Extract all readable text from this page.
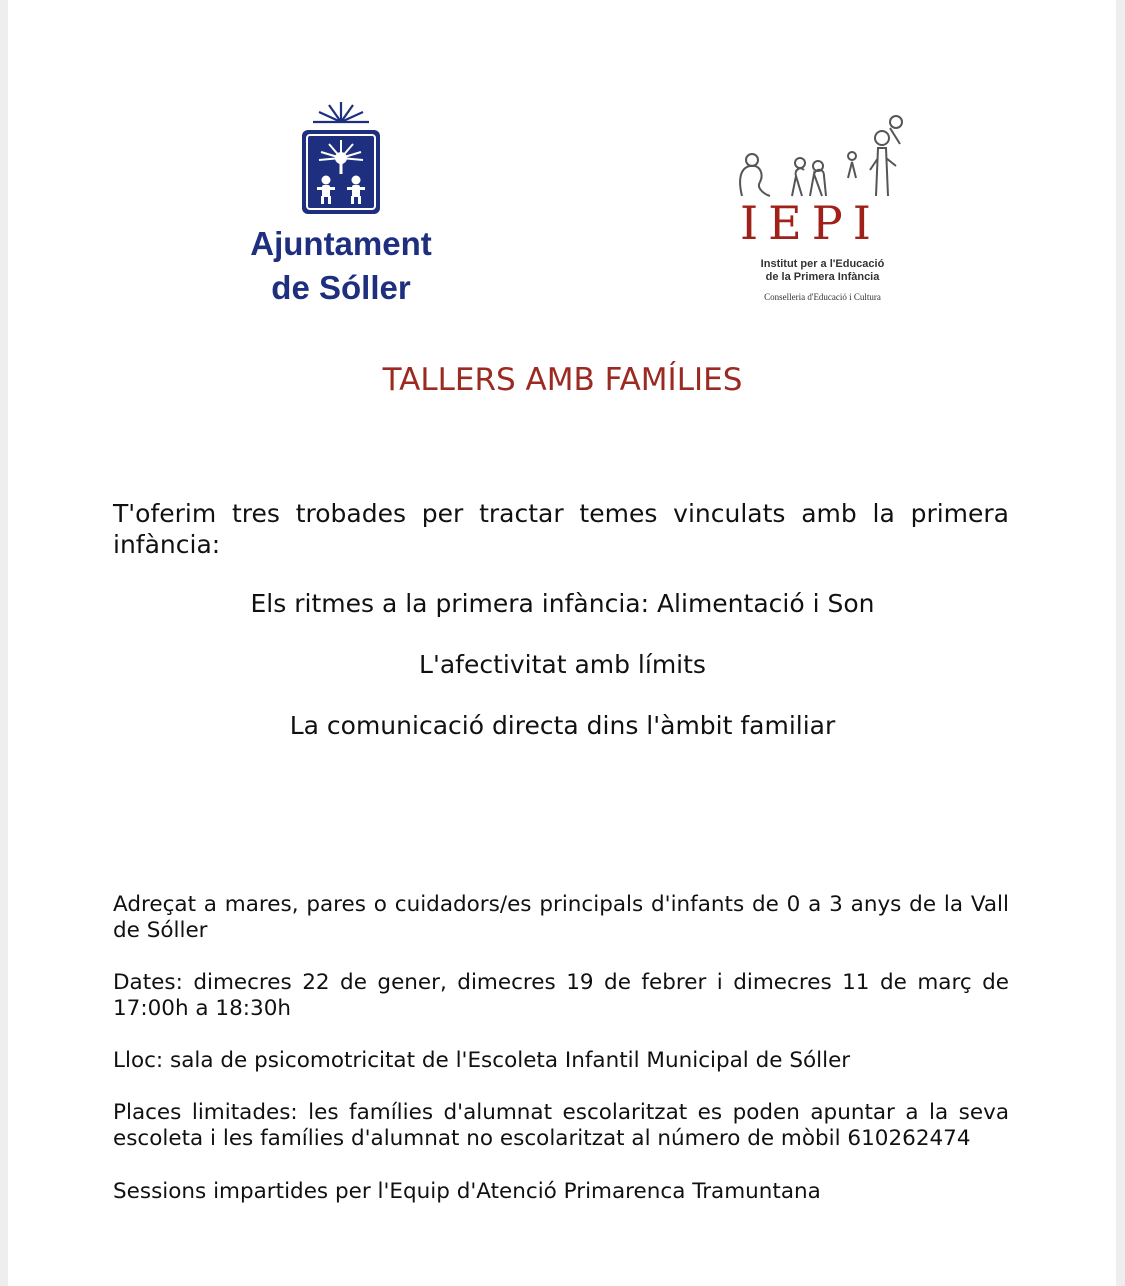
Ajuntament
de Sóller
IEPI
Institut per a l'Educació
de la Primera Infància
Conselleria d'Educació i Cultura
TALLERS AMB FAMÍLIES
T'oferim tres trobades per tractar temes vinculats amb la primera infància:
Els ritmes a la primera infància: Alimentació i Son
L'afectivitat amb límits
La comunicació directa dins l'àmbit familiar
Adreçat a mares, pares o cuidadors/es principals d'infants de 0 a 3 anys de la Vall de Sóller
Dates: dimecres 22 de gener, dimecres 19 de febrer i dimecres 11 de març de 17:00h a 18:30h
Lloc: sala de psicomotricitat de l'Escoleta Infantil Municipal de Sóller
Places limitades: les famílies d'alumnat escolaritzat es poden apuntar a la seva escoleta i les famílies d'alumnat no escolaritzat al número de mòbil 610262474
Sessions impartides per l'Equip d'Atenció Primarenca Tramuntana
